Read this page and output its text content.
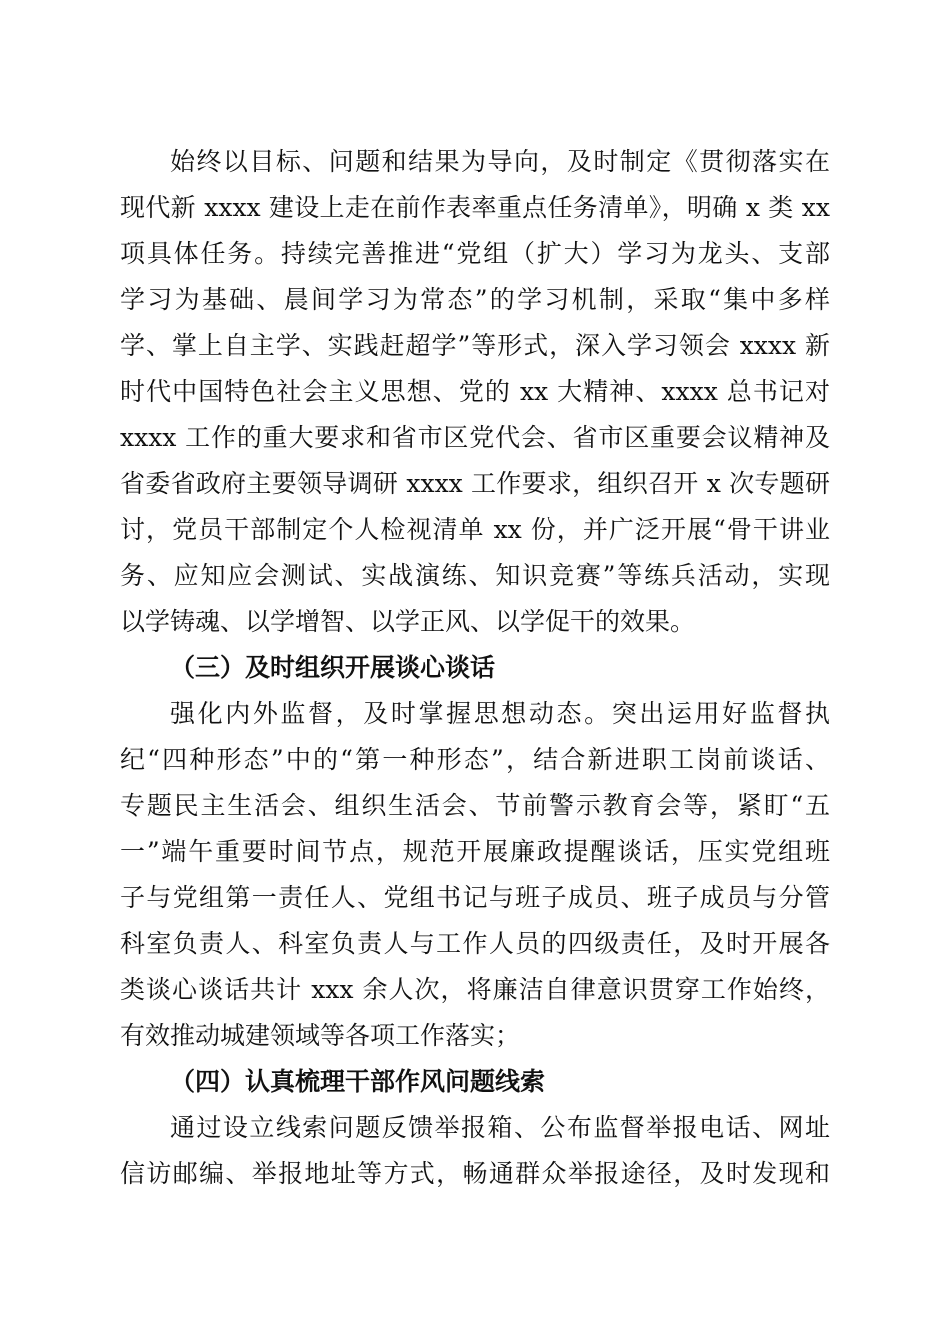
始终以目标、问题和结果为导向，及时制定《贯彻落实在
现代新 xxxx 建设上走在前作表率重点任务清单》，明确 x 类 xx
项具体任务。持续完善推进“党组（扩大）学习为龙头、支部
学习为基础、晨间学习为常态”的学习机制，采取“集中多样
学、掌上自主学、实践赶超学”等形式，深入学习领会 xxxx 新
时代中国特色社会主义思想、党的 xx 大精神、xxxx 总书记对
xxxx 工作的重大要求和省市区党代会、省市区重要会议精神及
省委省政府主要领导调研 xxxx 工作要求，组织召开 x 次专题研
讨，党员干部制定个人检视清单 xx 份，并广泛开展“骨干讲业
务、应知应会测试、实战演练、知识竞赛”等练兵活动，实现
以学铸魂、以学增智、以学正风、以学促干的效果。
（三）及时组织开展谈心谈话
强化内外监督，及时掌握思想动态。突出运用好监督执
纪“四种形态”中的“第一种形态”，结合新进职工岗前谈话、
专题民主生活会、组织生活会、节前警示教育会等，紧盯“五
一”端午重要时间节点，规范开展廉政提醒谈话，压实党组班
子与党组第一责任人、党组书记与班子成员、班子成员与分管
科室负责人、科室负责人与工作人员的四级责任，及时开展各
类谈心谈话共计 xxx 余人次，将廉洁自律意识贯穿工作始终，
有效推动城建领域等各项工作落实；
（四）认真梳理干部作风问题线索
通过设立线索问题反馈举报箱、公布监督举报电话、网址
信访邮编、举报地址等方式，畅通群众举报途径，及时发现和
